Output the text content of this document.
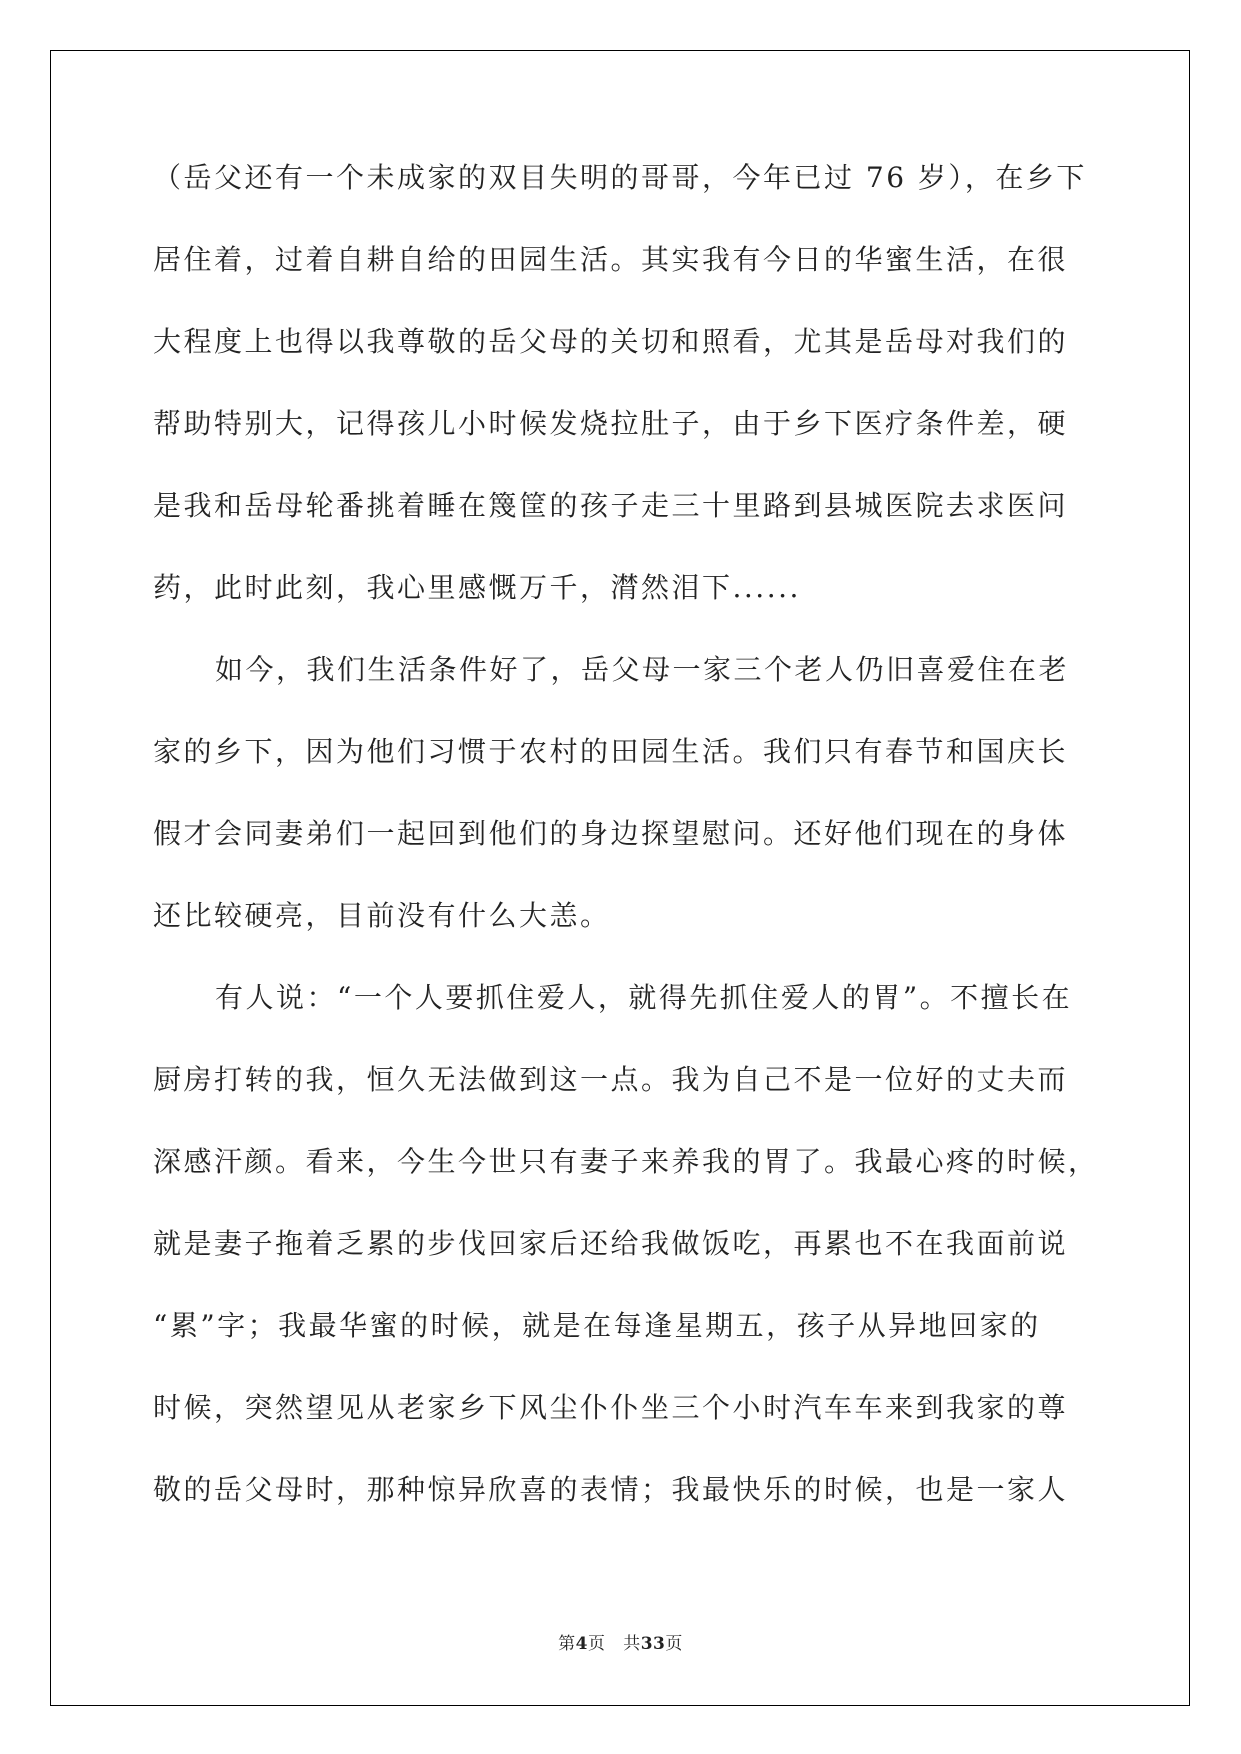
（岳父还有一个未成家的双目失明的哥哥，今年已过 76 岁），在乡下
居住着，过着自耕自给的田园生活。其实我有今日的华蜜生活，在很
大程度上也得以我尊敬的岳父母的关切和照看，尤其是岳母对我们的
帮助特别大，记得孩儿小时候发烧拉肚子，由于乡下医疗条件差，硬
是我和岳母轮番挑着睡在篾筐的孩子走三十里路到县城医院去求医问
药，此时此刻，我心里感慨万千，潸然泪下......
如今，我们生活条件好了，岳父母一家三个老人仍旧喜爱住在老
家的乡下，因为他们习惯于农村的田园生活。我们只有春节和国庆长
假才会同妻弟们一起回到他们的身边探望慰问。还好他们现在的身体
还比较硬亮，目前没有什么大恙。
有人说：“一个人要抓住爱人，就得先抓住爱人的胃”。不擅长在
厨房打转的我，恒久无法做到这一点。我为自己不是一位好的丈夫而
深感汗颜。看来，今生今世只有妻子来养我的胃了。我最心疼的时候，
就是妻子拖着乏累的步伐回家后还给我做饭吃，再累也不在我面前说
“累”字；我最华蜜的时候，就是在每逢星期五，孩子从异地回家的
时候，突然望见从老家乡下风尘仆仆坐三个小时汽车车来到我家的尊
敬的岳父母时，那种惊异欣喜的表情；我最快乐的时候，也是一家人
第4页 共33页
